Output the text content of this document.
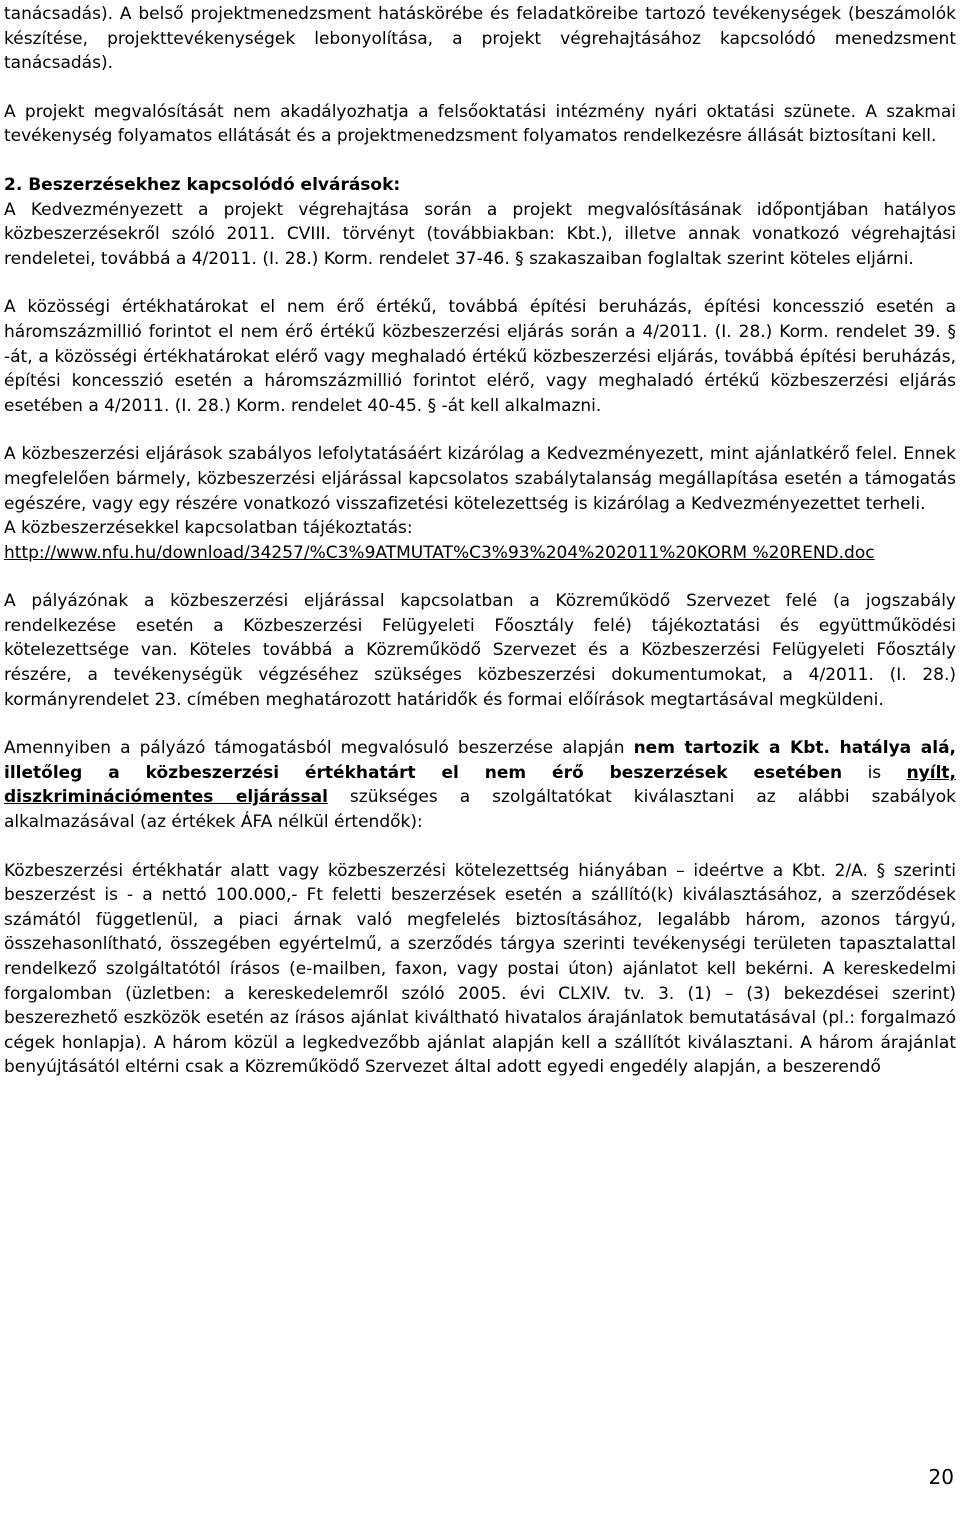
tanácsadás). A belső projektmenedzsment hatáskörébe és feladatköreibe tartozó tevékenységek (beszámolók készítése, projekttevékenységek lebonyolítása, a projekt végrehajtásához kapcsolódó menedzsment tanácsadás).

A projekt megvalósítását nem akadályozhatja a felsőoktatási intézmény nyári oktatási szünete. A szakmai tevékenység folyamatos ellátását és a projektmenedzsment folyamatos rendelkezésre állását biztosítani kell.

2. Beszerzésekhez kapcsolódó elvárások:

A Kedvezményezett a projekt végrehajtása során a projekt megvalósításának időpontjában hatályos közbeszerzésekről szóló 2011. CVIII. törvényt (továbbiakban: Kbt.), illetve annak vonatkozó végrehajtási rendeletei, továbbá a 4/2011. (I. 28.) Korm. rendelet 37-46. § szakaszaiban foglaltak szerint köteles eljárni.

A közösségi értékhatárokat el nem érő értékű, továbbá építési beruházás, építési koncesszió esetén a háromszázmillió forintot el nem érő értékű közbeszerzési eljárás során a 4/2011. (I. 28.) Korm. rendelet 39. § -át, a közösségi értékhatárokat elérő vagy meghaladó értékű közbeszerzési eljárás, továbbá építési beruházás, építési koncesszió esetén a háromszázmillió forintot elérő, vagy meghaladó értékű közbeszerzési eljárás esetében a 4/2011. (I. 28.) Korm. rendelet 40-45. § -át kell alkalmazni.

A közbeszerzési eljárások szabályos lefolytatásáért kizárólag a Kedvezményezett, mint ajánlatkérő felel. Ennek megfelelően bármely, közbeszerzési eljárással kapcsolatos szabálytalanság megállapítása esetén a támogatás egészére, vagy egy részére vonatkozó visszafizetési kötelezettség is kizárólag a Kedvezményezettet terheli.

A közbeszerzésekkel kapcsolatban tájékoztatás:

http://www.nfu.hu/download/34257/%C3%9ATMUTAT%C3%93%204%202011%20KORM %20REND.doc

A pályázónak a közbeszerzési eljárással kapcsolatban a Közreműködő Szervezet felé (a jogszabály rendelkezése esetén a Közbeszerzési Felügyeleti Főosztály felé) tájékoztatási és együttműködési kötelezettsége van. Köteles továbbá a Közreműködő Szervezet és a Közbeszerzési Felügyeleti Főosztály részére, a tevékenységük végzéséhez szükséges közbeszerzési dokumentumokat, a 4/2011. (I. 28.) kormányrendelet 23. címében meghatározott határidők és formai előírások megtartásával megküldeni.

Amennyiben a pályázó támogatásból megvalósuló beszerzése alapján nem tartozik a Kbt. hatálya alá, illetőleg a közbeszerzési értékhatárt el nem érő beszerzések esetében is nyílt, diszkriminációmentes eljárással szükséges a szolgáltatókat kiválasztani az alábbi szabályok alkalmazásával (az értékek ÁFA nélkül értendők):

Közbeszerzési értékhatár alatt vagy közbeszerzési kötelezettség hiányában – ideértve a Kbt. 2/A. § szerinti beszerzést is - a nettó 100.000,- Ft feletti beszerzések esetén a szállító(k) kiválasztásához, a szerződések számától függetlenül, a piaci árnak való megfelelés biztosításához, legalább három, azonos tárgyú, összehasonlítható, összegében egyértelmű, a szerződés tárgya szerinti tevékenységi területen tapasztalattal rendelkező szolgáltatótól írásos (e-mailben, faxon, vagy postai úton) ajánlatot kell bekérni. A kereskedelmi forgalomban (üzletben: a kereskedelemről szóló 2005. évi CLXIV. tv. 3. (1) – (3) bekezdései szerint) beszerezhető eszközök esetén az írásos ajánlat kiváltható hivatalos árajánlatok bemutatásával (pl.: forgalmazó cégek honlapja). A három közül a legkedvezőbb ajánlat alapján kell a szállítót kiválasztani. A három árajánlat benyújtásától eltérni csak a Közreműködő Szervezet által adott egyedi engedély alapján, a beszerendő

20
